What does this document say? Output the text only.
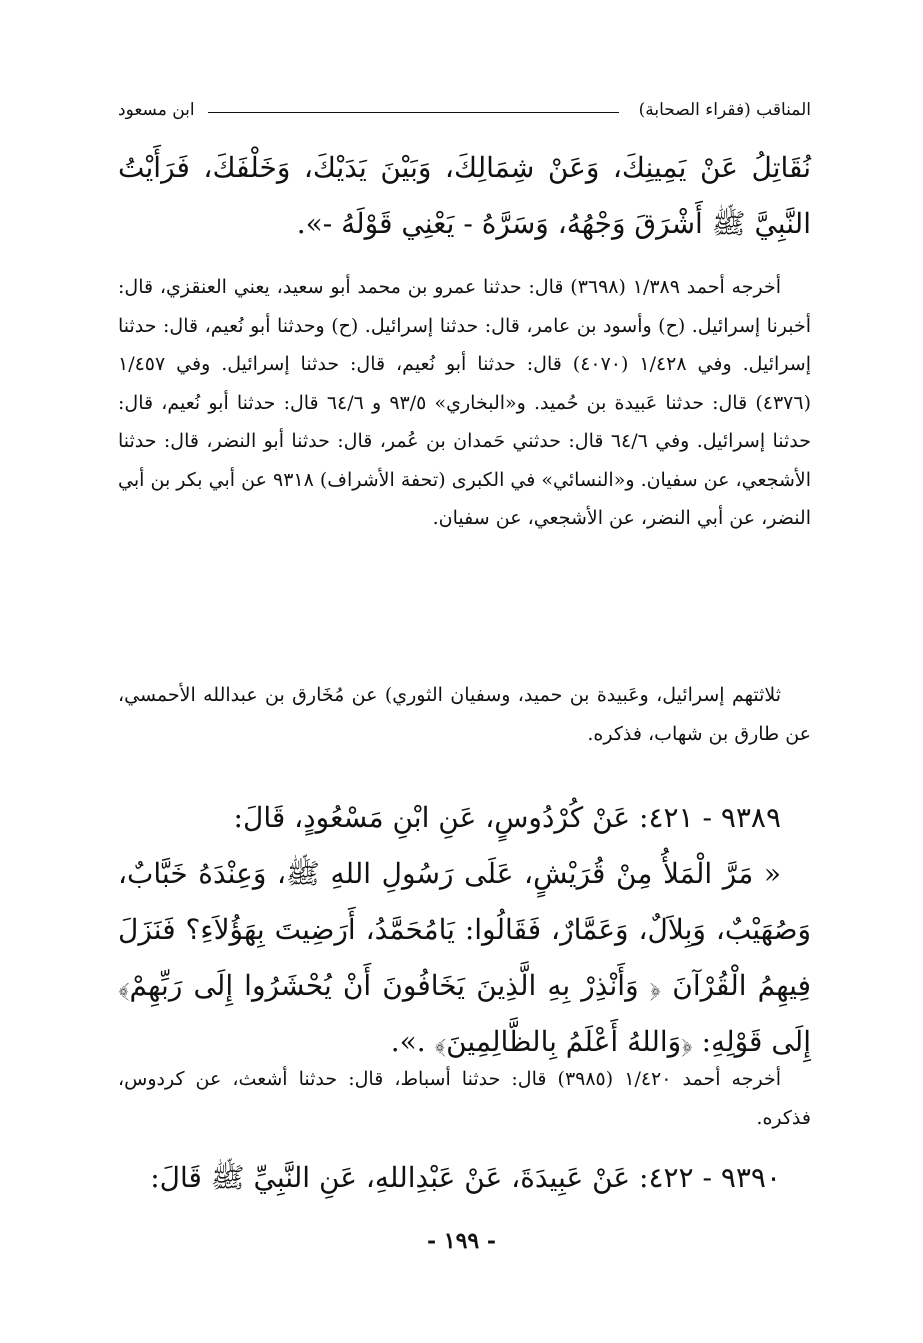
المناقب (فقراء الصحابة)
ابن مسعود

نُقَاتِلُ عَنْ يَمِينِكَ، وَعَنْ شِمَالِكَ، وَبَيْنَ يَدَيْكَ، وَخَلْفَكَ، فَرَأَيْتُ النَّبِيَّ ﷺ أَشْرَقَ وَجْهُهُ، وَسَرَّهُ - يَعْنِي قَوْلَهُ -».

أخرجه أحمد ١/٣٨٩ (٣٦٩٨) قال: حدثنا عمرو بن محمد أبو سعيد، يعني العنقزي، قال: أخبرنا إسرائيل. (ح) وأسود بن عامر، قال: حدثنا إسرائيل. (ح) وحدثنا أبو نُعيم، قال: حدثنا إسرائيل. وفي ١/٤٢٨ (٤٠٧٠) قال: حدثنا أبو نُعيم، قال: حدثنا إسرائيل. وفي ١/٤٥٧ (٤٣٧٦) قال: حدثنا عَبيدة بن حُميد. و«البخاري» ٩٣/٥ و ٦٤/٦ قال: حدثنا أبو نُعيم، قال: حدثنا إسرائيل. وفي ٦٤/٦ قال: حدثني حَمدان بن عُمر، قال: حدثنا أبو النضر، قال: حدثنا الأشجعي، عن سفيان. و«النسائي» في الكبرى (تحفة الأشراف) ٩٣١٨ عن أبي بكر بن أبي النضر، عن أبي النضر، عن الأشجعي، عن سفيان.

ثلاثتهم إسرائيل، وعَبيدة بن حميد، وسفيان الثوري) عن مُخَارق بن عبدالله الأحمسي، عن طارق بن شهاب، فذكره.

٩٣٨٩ - ٤٢١: عَنْ كُرْدُوسٍ، عَنِ ابْنِ مَسْعُودٍ، قَالَ:

« مَرَّ الْمَلأُ مِنْ قُرَيْشٍ، عَلَى رَسُولِ اللهِ ﷺ، وَعِنْدَهُ خَبَّابٌ، وَصُهَيْبٌ، وَبِلاَلٌ، وَعَمَّارٌ، فَقَالُوا: يَامُحَمَّدُ، أَرَضِيتَ بِهَؤُلاَءِ؟ فَنَزَلَ فِيهِمُ الْقُرْآنَ ﴿ وَأَنْذِرْ بِهِ الَّذِينَ يَخَافُونَ أَنْ يُحْشَرُوا إِلَى رَبِّهِمْ﴾ إِلَى قَوْلِهِ: ﴿وَاللهُ أَعْلَمُ بِالظَّالِمِينَ﴾ .».

أخرجه أحمد ١/٤٢٠ (٣٩٨٥) قال: حدثنا أسباط، قال: حدثنا أشعث، عن كردوس، فذكره.

٩٣٩٠ - ٤٢٢: عَنْ عَبِيدَةَ، عَنْ عَبْدِاللهِ، عَنِ النَّبِيِّ ﷺ قَالَ:

- ١٩٩ -
